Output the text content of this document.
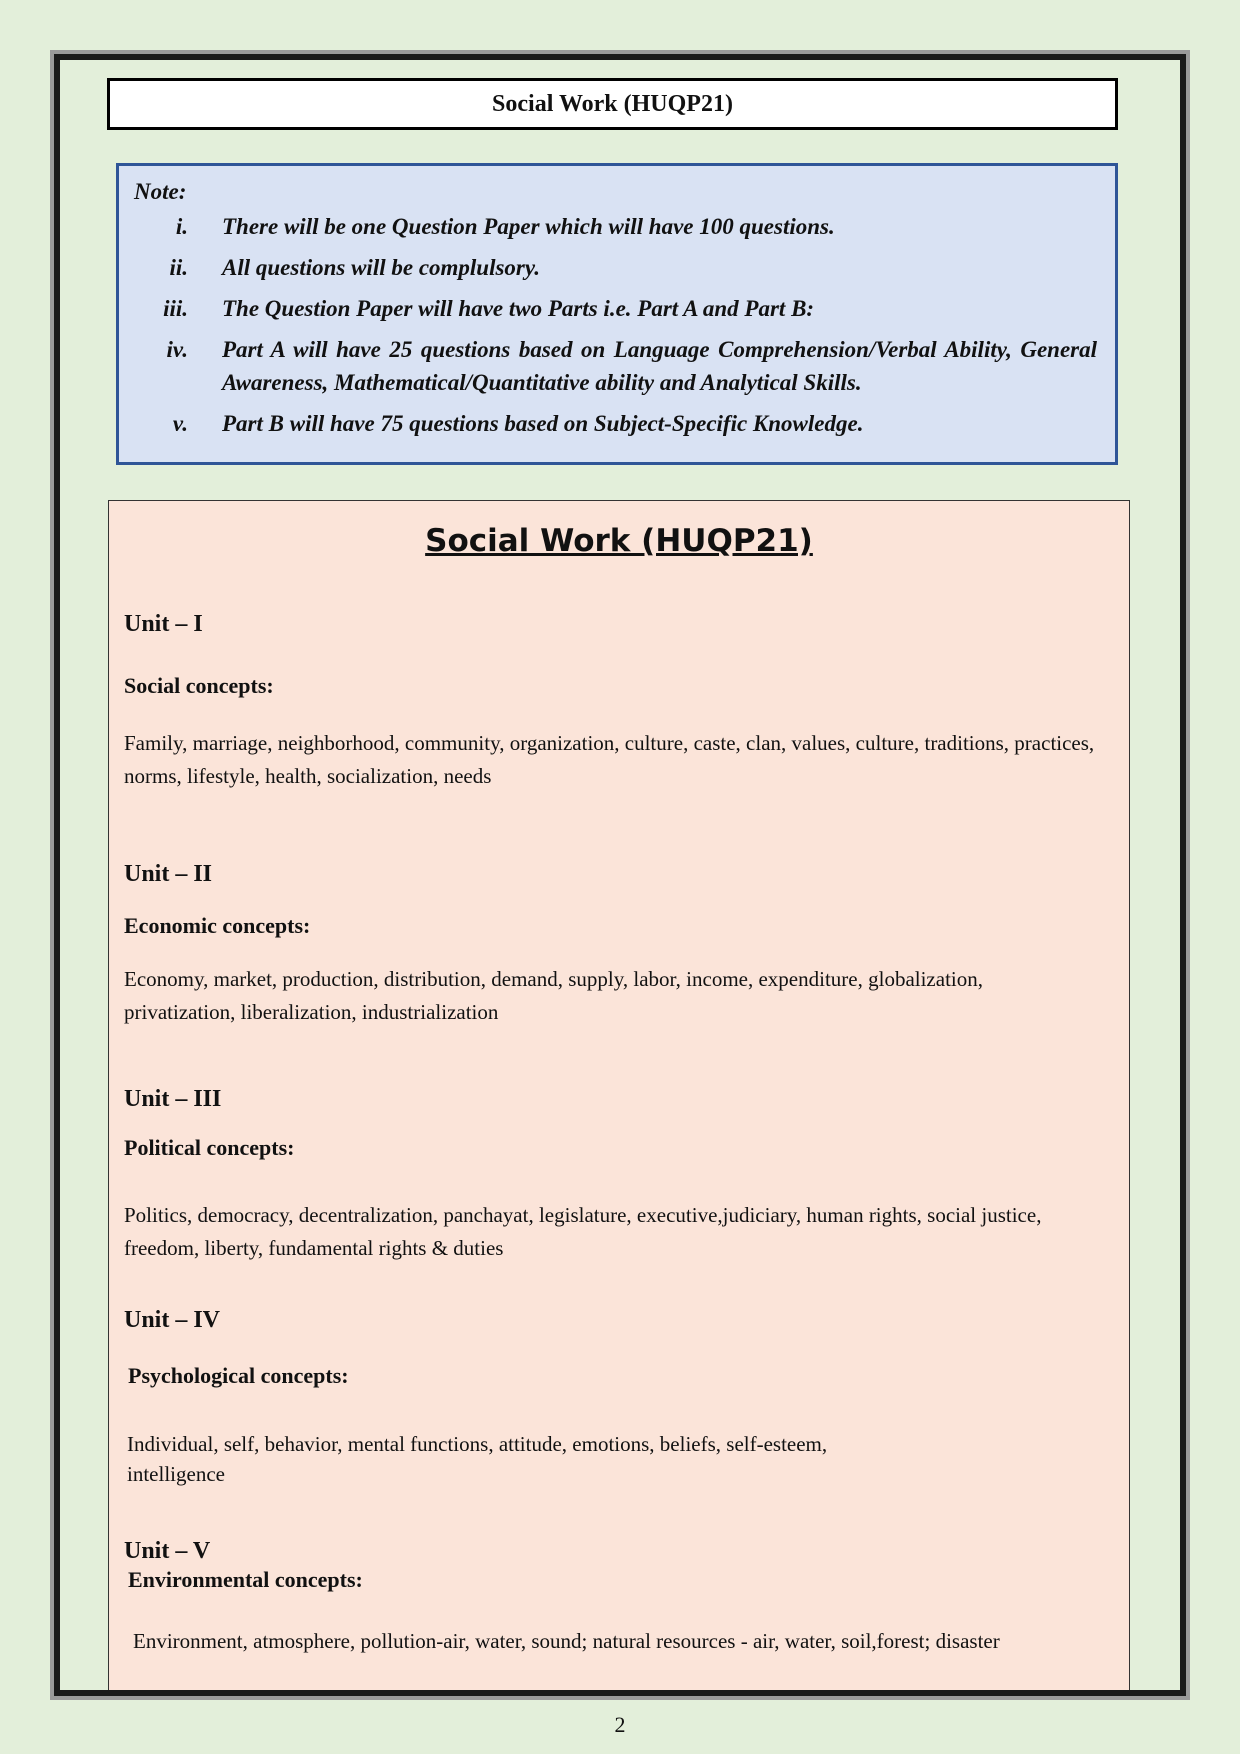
Social Work (HUQP21)
Note:
i. There will be one Question Paper which will have 100 questions.
ii. All questions will be complulsory.
iii. The Question Paper will have two Parts i.e. Part A and Part B:
iv. Part A will have 25 questions based on Language Comprehension/Verbal Ability, General Awareness, Mathematical/Quantitative ability and Analytical Skills.
v. Part B will have 75 questions based on Subject-Specific Knowledge.
Social Work (HUQP21)
Unit – I
Social concepts:
Family, marriage, neighborhood, community, organization, culture, caste, clan, values, culture, traditions, practices, norms, lifestyle, health, socialization, needs
Unit – II
Economic concepts:
Economy, market, production, distribution, demand, supply, labor, income, expenditure, globalization, privatization, liberalization, industrialization
Unit – III
Political concepts:
Politics, democracy, decentralization, panchayat, legislature, executive,judiciary, human rights, social justice, freedom, liberty, fundamental rights & duties
Unit – IV
Psychological concepts:
Individual, self, behavior, mental functions, attitude, emotions, beliefs, self-esteem, intelligence
Unit – V
Environmental concepts:
Environment, atmosphere, pollution-air, water, sound; natural resources - air, water, soil,forest; disaster
2
